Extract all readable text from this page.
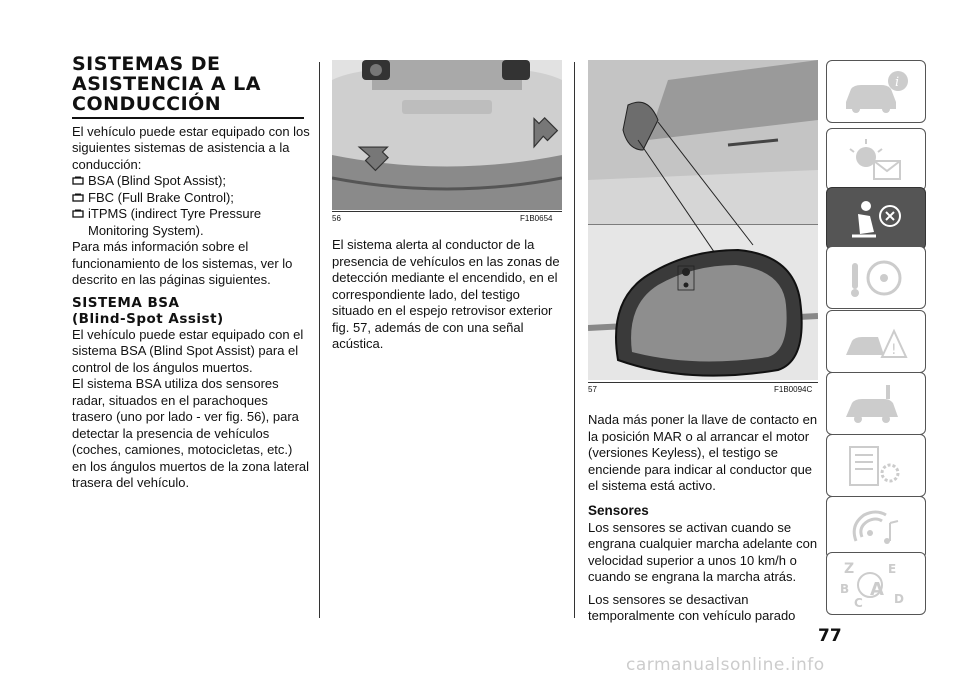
SISTEMAS DE
ASISTENCIA A LA
CONDUCCIÓN

El vehículo puede estar equipado con los siguientes sistemas de asistencia a la conducción:

BSA (Blind Spot Assist);
FBC (Full Brake Control);
iTPMS (indirect Tyre Pressure Monitoring System).

Para más información sobre el funcionamiento de los sistemas, ver lo descrito en las páginas siguientes.

SISTEMA BSA
(Blind-Spot Assist)

El vehículo puede estar equipado con el sistema BSA (Blind Spot Assist) para el control de los ángulos muertos.

El sistema BSA utiliza dos sensores radar, situados en el parachoques trasero (uno por lado - ver fig. 56), para detectar la presencia de vehículos (coches, camiones, motocicletas, etc.) en los ángulos muertos de la zona lateral trasera del vehículo.

56	F1B0654

El sistema alerta al conductor de la presencia de vehículos en las zonas de detección mediante el encendido, en el correspondiente lado, del testigo situado en el espejo retrovisor exterior fig. 57, además de con una señal acústica.

57	F1B0094C

Nada más poner la llave de contacto en la posición MAR o al arrancar el motor (versiones Keyless), el testigo se enciende para indicar al conductor que el sistema está activo.

Sensores

Los sensores se activan cuando se engrana cualquier marcha adelante con velocidad superior a unos 10 km/h o cuando se engrana la marcha atrás.

Los sensores se desactivan temporalmente con vehículo parado

i
!
Z	E
B A
C	D
77
carmanualsonline.info
